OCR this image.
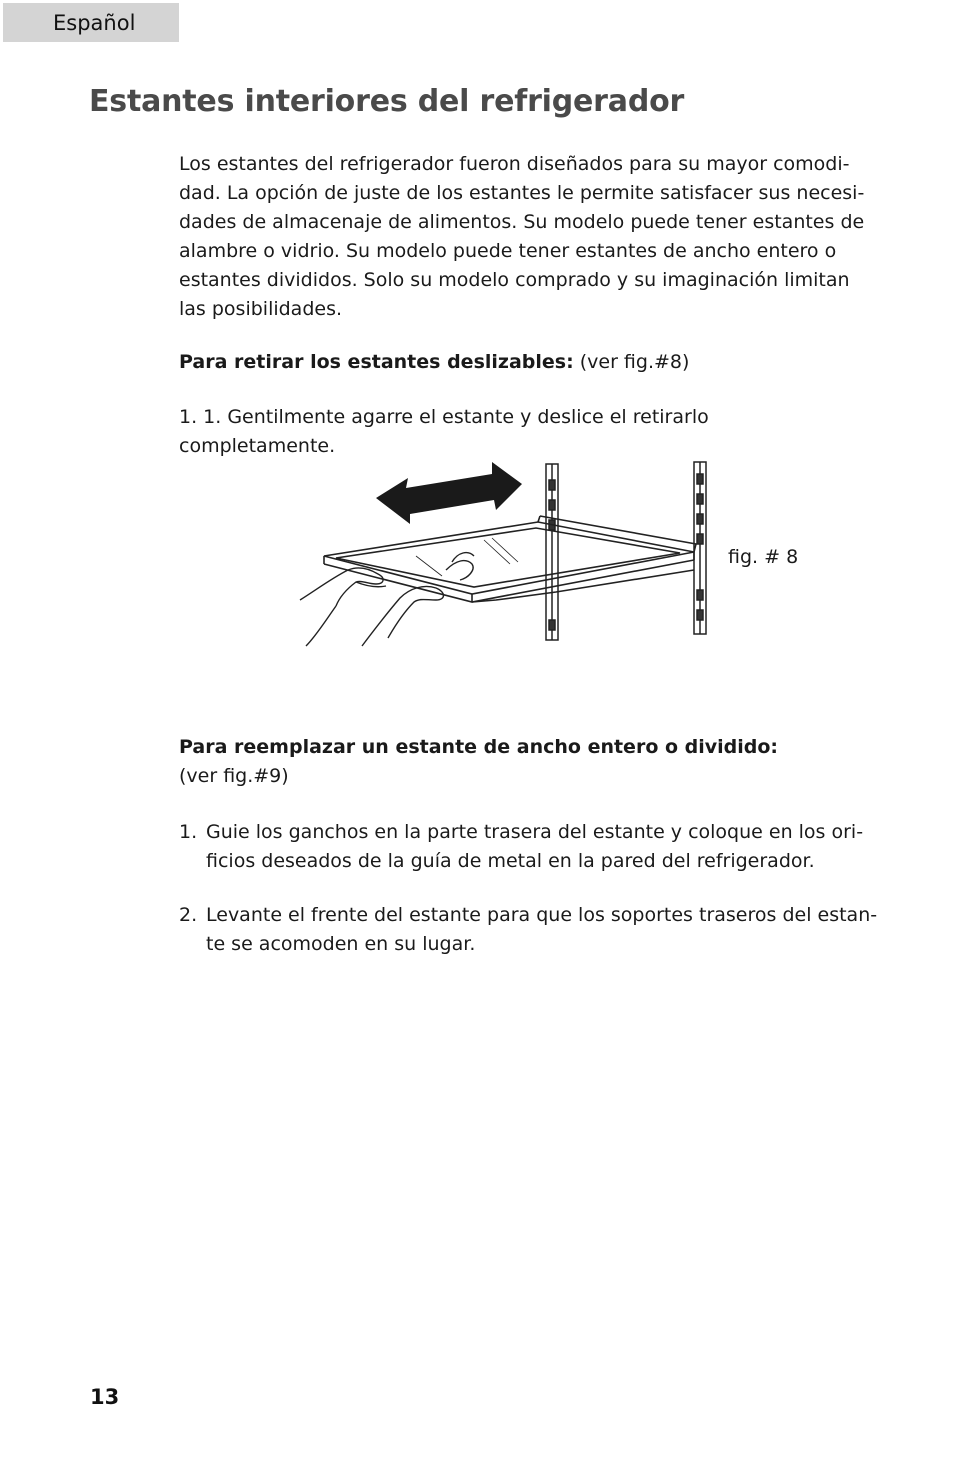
Español
Estantes interiores del refrigerador

Los estantes del refrigerador fueron diseñados para su mayor comodi-

dad. La opción de juste de los estantes le permite satisfacer sus necesi-

dades de almacenaje de alimentos. Su modelo puede tener estantes de

alambre o vidrio. Su modelo puede tener estantes de ancho entero o

estantes divididos. Solo su modelo comprado y su imaginación limitan

las posibilidades.

Para retirar los estantes deslizables: (ver fig.#8)
1. 1. Gentilmente agarre el estante y deslice el retirarlo completamente.
fig. # 8
Para reemplazar un estante de ancho entero o dividido:
(ver fig.#9)
1. Guie los ganchos en la parte trasera del estante y coloque en los ori-

ficios deseados de la guía de metal en la pared del refrigerador.

2. Levante el frente del estante para que los soportes traseros del estan-

te se acomoden en su lugar.

13
